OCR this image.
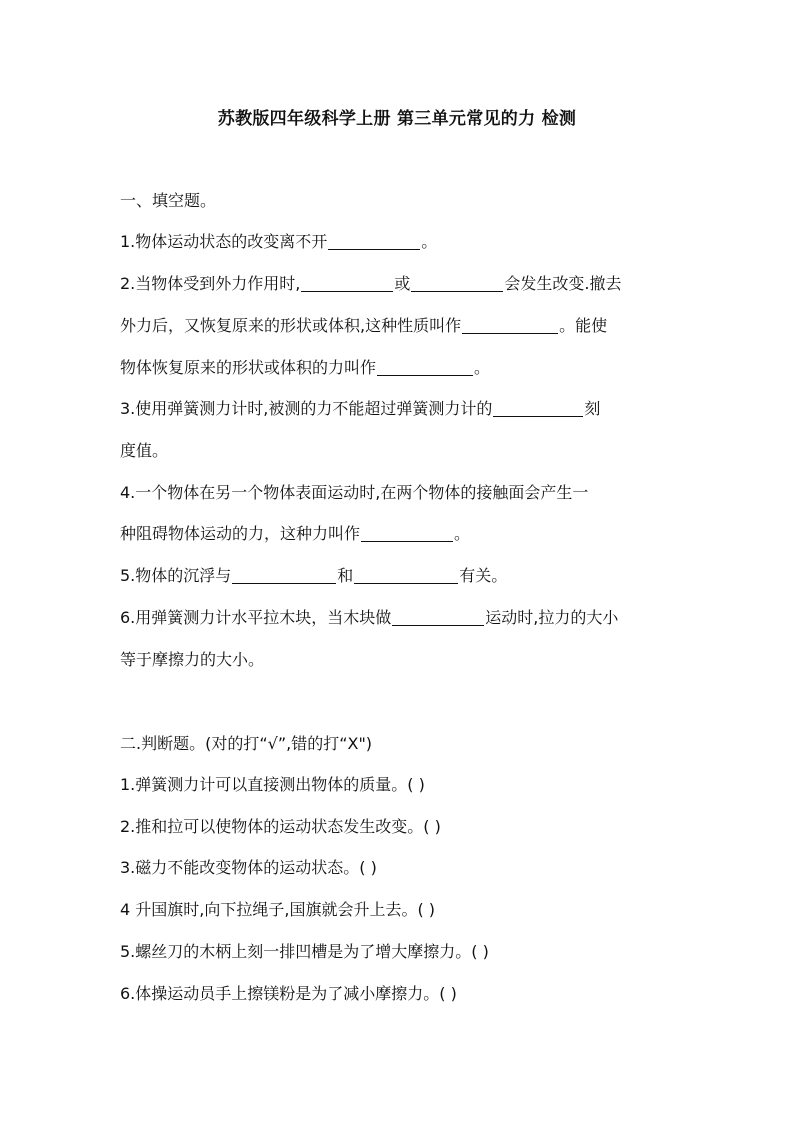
苏教版四年级科学上册 第三单元常见的力 检测
一、填空题。
1.物体运动状态的改变离不开	。
2.当物体受到外力作用时,	或	会发生改变.撤去
外力后，又恢复原来的形状或体积,这种性质叫作	。能使
物体恢复原来的形状或体积的力叫作	。
3.使用弹簧测力计时,被测的力不能超过弹簧测力计的	刻
度值。
4.一个物体在另一个物体表面运动时,在两个物体的接触面会产生一
种阻碍物体运动的力，这种力叫作	。
5.物体的沉浮与	和	有关。
6.用弹簧测力计水平拉木块，当木块做	运动时,拉力的大小
等于摩擦力的大小。
二.判断题。(对的打“√”,错的打“X")
1.弹簧测力计可以直接测出物体的质量。( )
2.推和拉可以使物体的运动状态发生改变。( )
3.磁力不能改变物体的运动状态。( )
4 升国旗时,向下拉绳子,国旗就会升上去。( )
5.螺丝刀的木柄上刻一排凹槽是为了增大摩擦力。( )
6.体操运动员手上擦镁粉是为了减小摩擦力。( )
